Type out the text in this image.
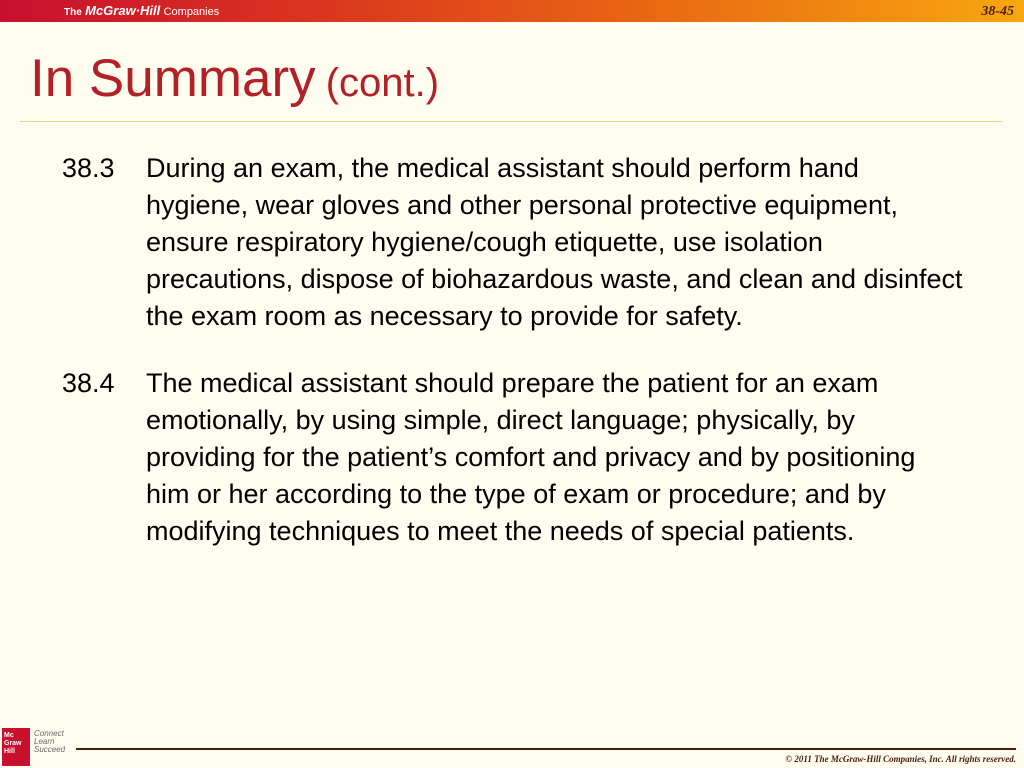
The McGraw·Hill Companies	38-45
In Summary (cont.)
38.3	During an exam, the medical assistant should perform hand hygiene, wear gloves and other personal protective equipment, ensure respiratory hygiene/cough etiquette, use isolation precautions, dispose of biohazardous waste, and clean and disinfect the exam room as necessary to provide for safety.
38.4	The medical assistant should prepare the patient for an exam emotionally, by using simple, direct language; physically, by providing for the patient’s comfort and privacy and by positioning him or her according to the type of exam or procedure; and by modifying techniques to meet the needs of special patients.
Mc
Graw
Hill
Connect
Learn
Succeed
© 2011 The McGraw-Hill Companies, Inc. All rights reserved.
